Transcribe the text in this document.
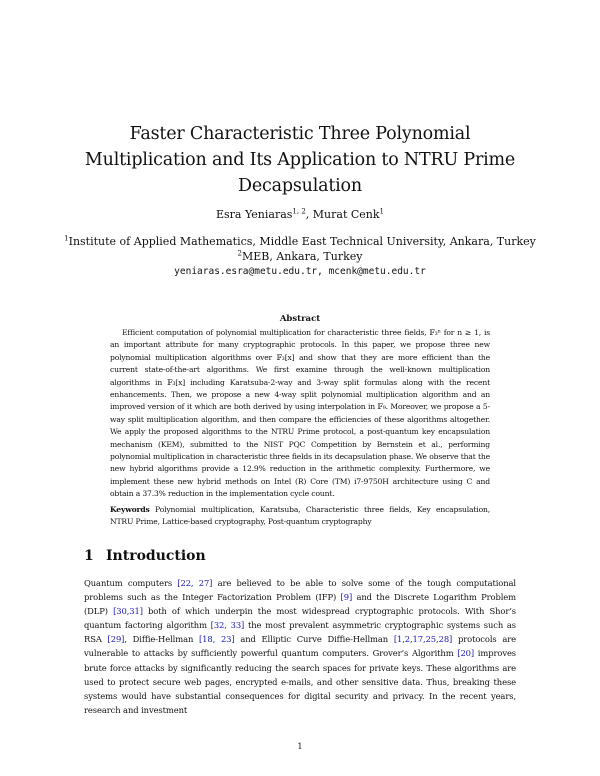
Faster Characteristic Three Polynomial
Multiplication and Its Application to NTRU Prime
Decapsulation
Esra Yeniaras$^{1, 2}$, Murat Cenk$^1$
$^1$Institute of Applied Mathematics, Middle East Technical University, Ankara, Turkey
$^2$MEB, Ankara, Turkey
yeniaras.esra@metu.edu.tr, mcenk@metu.edu.tr
Abstract

Efficient computation of polynomial multiplication for characteristic three fields, 𝔽₃ⁿ for n ≥ 1, is an important attribute for many cryptographic protocols. In this paper, we propose three new polynomial multiplication algorithms over 𝔽₃[x] and show that they are more efficient than the current state-of-the-art algorithms. We first examine through the well-known multiplication algorithms in 𝔽₃[x] including Karatsuba-2-way and 3-way split formulas along with the recent enhancements. Then, we propose a new 4-way split polynomial multiplication algorithm and an improved version of it which are both derived by using interpolation in 𝔽₉. Moreover, we propose a 5-way split multiplication algorithm, and then compare the efficiencies of these algorithms altogether. We apply the proposed algorithms to the NTRU Prime protocol, a post-quantum key encapsulation mechanism (KEM), submitted to the NIST PQC Competition by Bernstein et al., performing polynomial multiplication in characteristic three fields in its decapsulation phase. We observe that the new hybrid algorithms provide a 12.9% reduction in the arithmetic complexity. Furthermore, we implement these new hybrid methods on Intel (R) Core (TM) i7-9750H architecture using C and obtain a 37.3% reduction in the implementation cycle count.

Keywords Polynomial multiplication, Karatsuba, Characteristic three fields, Key encapsulation, NTRU Prime, Lattice-based cryptography, Post-quantum cryptography

1 Introduction

Quantum computers [22, 27] are believed to be able to solve some of the tough computational problems such as the Integer Factorization Problem (IFP) [9] and the Discrete Logarithm Problem (DLP) [30,31] both of which underpin the most widespread cryptographic protocols. With Shor’s quantum factoring algorithm [32, 33] the most prevalent asymmetric cryptographic systems such as RSA [29], Diffie-Hellman [18, 23] and Elliptic Curve Diffie-Hellman [1,2,17,25,28] protocols are vulnerable to attacks by sufficiently powerful quantum computers. Grover’s Algorithm [20] improves brute force attacks by significantly reducing the search spaces for private keys. These algorithms are used to protect secure web pages, encrypted e-mails, and other sensitive data. Thus, breaking these systems would have substantial consequences for digital security and privacy. In the recent years, research and investment

1
